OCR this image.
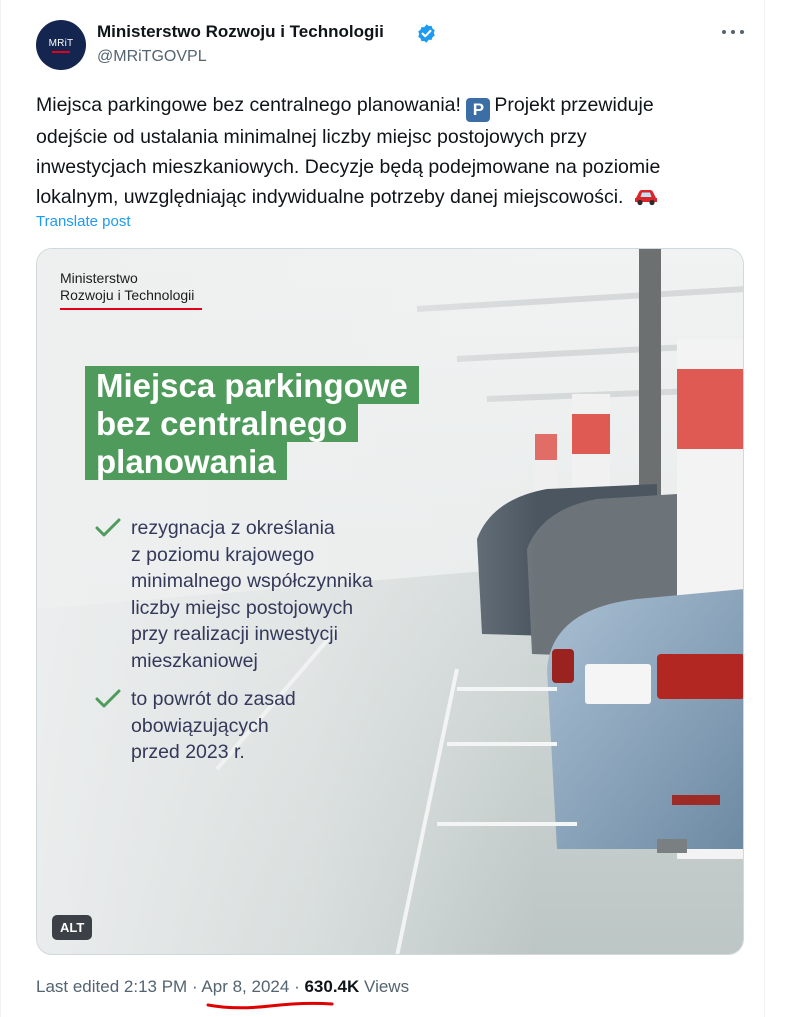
MRiT
Ministerstwo Rozwoju i Technologii
@MRiTGOVPL
Miejsca parkingowe bez centralnego planowania! P Projekt przewiduje
odejście od ustalania minimalnej liczby miejsc postojowych przy
inwestycjach mieszkaniowych. Decyzje będą podejmowane na poziomie
lokalnym, uwzględniając indywidualne potrzeby danej miejscowości.
Translate post
Ministerstwo
Rozwoju i Technologii
Miejsca parkingowe
bez centralnego
planowania
rezygnacja z określania
z poziomu krajowego
minimalnego współczynnika
liczby miejsc postojowych
przy realizacji inwestycji
mieszkaniowej
to powrót do zasad
obowiązujących
przed 2023 r.
ALT
Last edited 2:13 PM · Apr 8, 2024 · 630.4K Views
